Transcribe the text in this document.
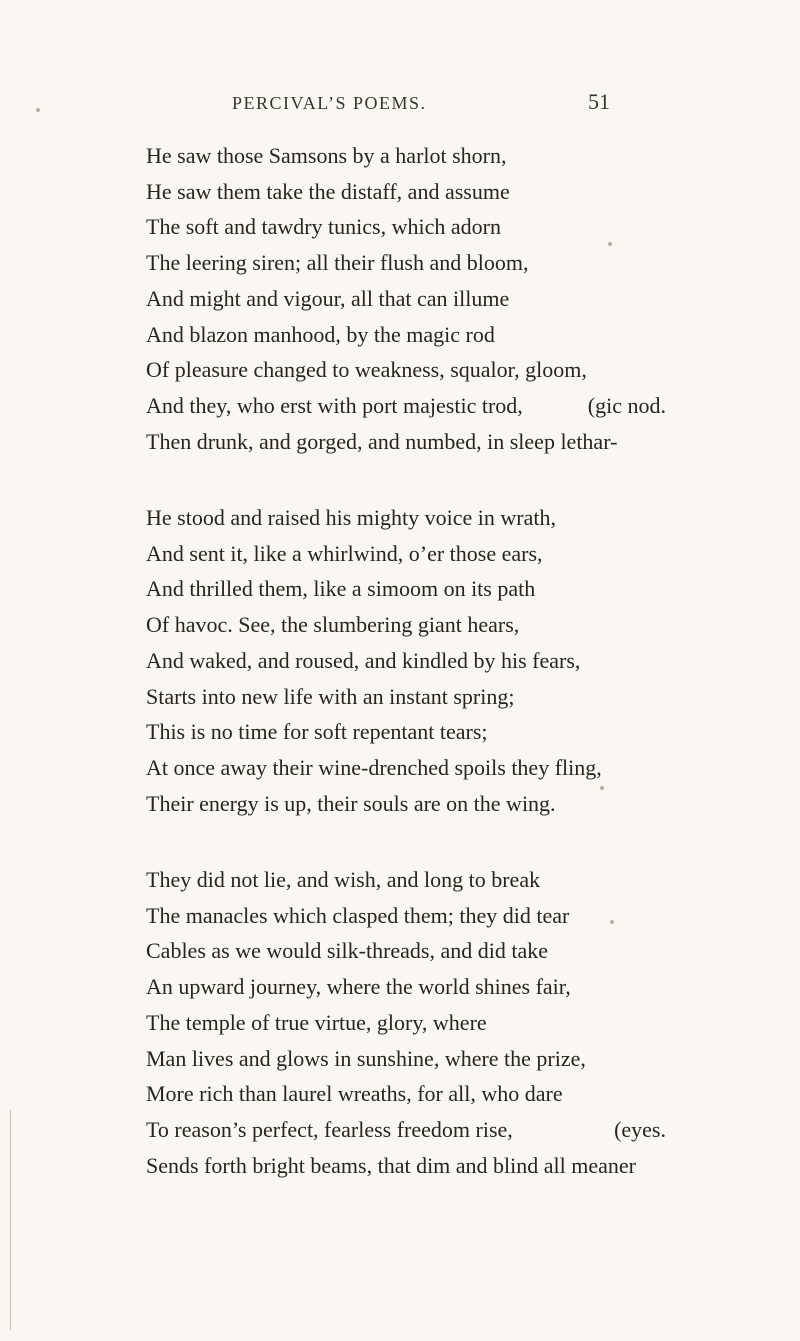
PERCIVAL’S POEMS.	51
He saw those Samsons by a harlot shorn,
He saw them take the distaff, and assume
The soft and tawdry tunics, which adorn
The leering siren; all their flush and bloom,
And might and vigour, all that can illume
And blazon manhood, by the magic rod
Of pleasure changed to weakness, squalor, gloom,
And they, who erst with port majestic trod,	(gic nod.
Then drunk, and gorged, and numbed, in sleep lethar-
He stood and raised his mighty voice in wrath,
And sent it, like a whirlwind, o’er those ears,
And thrilled them, like a simoom on its path
Of havoc. See, the slumbering giant hears,
And waked, and roused, and kindled by his fears,
Starts into new life with an instant spring;
This is no time for soft repentant tears;
At once away their wine-drenched spoils they fling,
Their energy is up, their souls are on the wing.
They did not lie, and wish, and long to break
The manacles which clasped them; they did tear
Cables as we would silk-threads, and did take
An upward journey, where the world shines fair,
The temple of true virtue, glory, where
Man lives and glows in sunshine, where the prize,
More rich than laurel wreaths, for all, who dare
To reason’s perfect, fearless freedom rise,	(eyes.
Sends forth bright beams, that dim and blind all meaner
